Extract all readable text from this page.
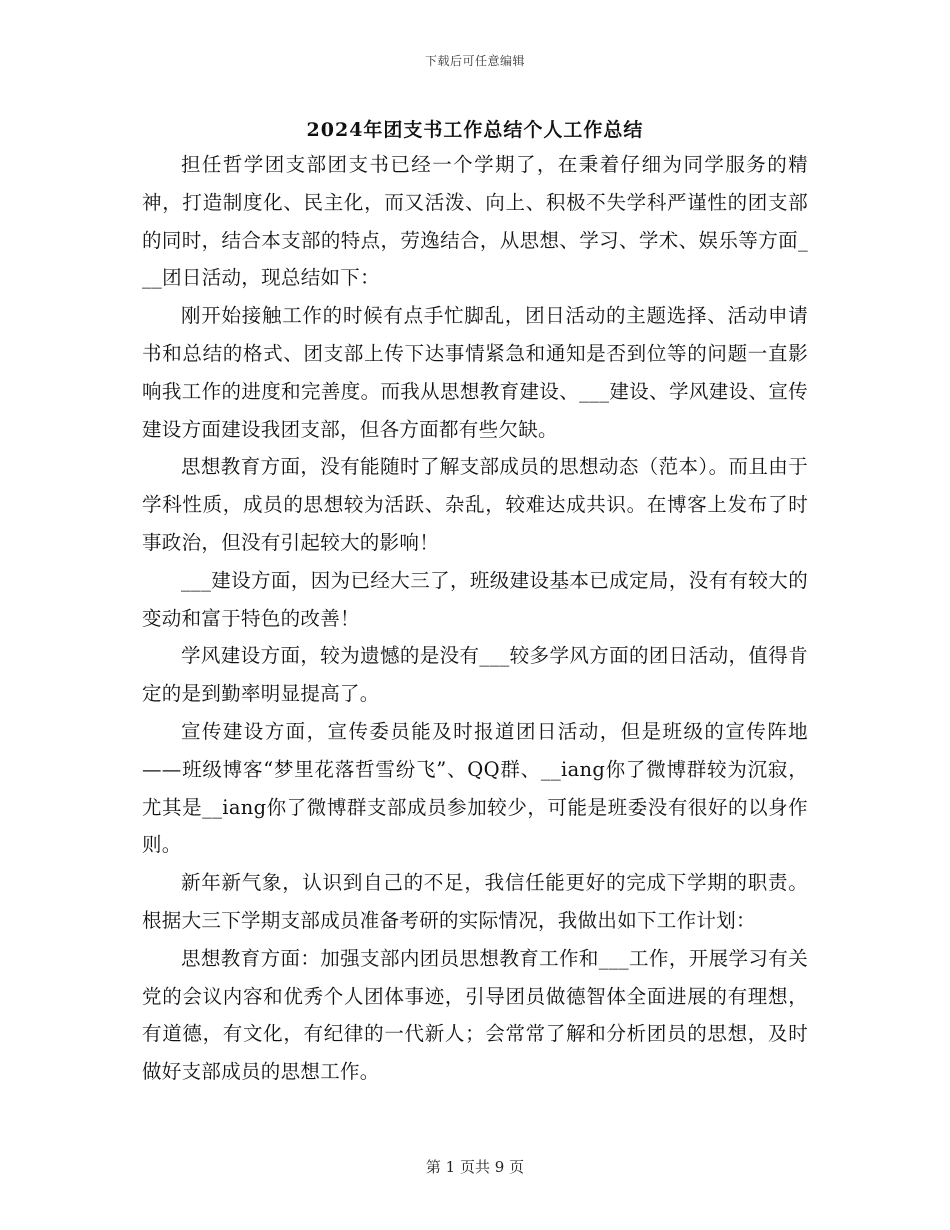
下载后可任意编辑
2024年团支书工作总结个人工作总结

担任哲学团支部团支书已经一个学期了，在秉着仔细为同学服务的精神，打造制度化、民主化，而又活泼、向上、积极不失学科严谨性的团支部的同时，结合本支部的特点，劳逸结合，从思想、学习、学术、娱乐等方面___团日活动，现总结如下：

刚开始接触工作的时候有点手忙脚乱，团日活动的主题选择、活动申请书和总结的格式、团支部上传下达事情紧急和通知是否到位等的问题一直影响我工作的进度和完善度。而我从思想教育建设、___建设、学风建设、宣传建设方面建设我团支部，但各方面都有些欠缺。

思想教育方面，没有能随时了解支部成员的思想动态（范本）。而且由于学科性质，成员的思想较为活跃、杂乱，较难达成共识。在博客上发布了时事政治，但没有引起较大的影响！

___建设方面，因为已经大三了，班级建设基本已成定局，没有有较大的变动和富于特色的改善！

学风建设方面，较为遗憾的是没有___较多学风方面的团日活动，值得肯定的是到勤率明显提高了。

宣传建设方面，宣传委员能及时报道团日活动，但是班级的宣传阵地——班级博客“梦里花落哲雪纷飞”、QQ群、__iang你了微博群较为沉寂，尤其是__iang你了微博群支部成员参加较少，可能是班委没有很好的以身作则。

新年新气象，认识到自己的不足，我信任能更好的完成下学期的职责。根据大三下学期支部成员准备考研的实际情况，我做出如下工作计划：

思想教育方面：加强支部内团员思想教育工作和___工作，开展学习有关党的会议内容和优秀个人团体事迹，引导团员做德智体全面进展的有理想，有道德，有文化，有纪律的一代新人；会常常了解和分析团员的思想，及时做好支部成员的思想工作。

第 1 页共 9 页
